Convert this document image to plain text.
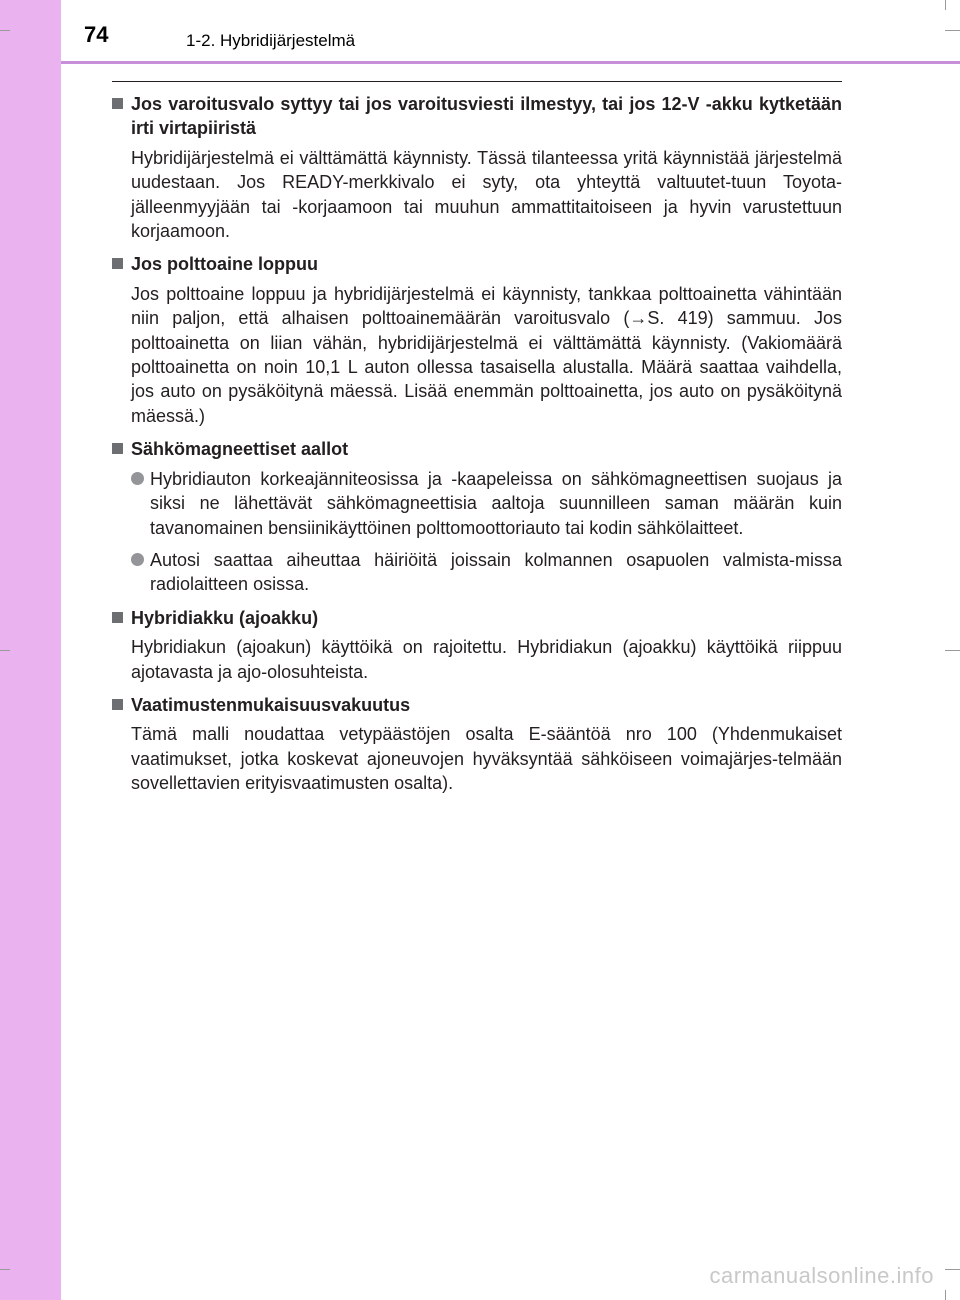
74	1-2. Hybridijärjestelmä
Jos varoitusvalo syttyy tai jos varoitusviesti ilmestyy, tai jos 12-V -akku kytketään irti virtapiiristä
Hybridijärjestelmä ei välttämättä käynnisty. Tässä tilanteessa yritä käynnistää järjestelmä uudestaan. Jos READY-merkkivalo ei syty, ota yhteyttä valtuutet-tuun Toyota-jälleenmyyjään tai -korjaamoon tai muuhun ammattitaitoiseen ja hyvin varustettuun korjaamoon.
Jos polttoaine loppuu
Jos polttoaine loppuu ja hybridijärjestelmä ei käynnisty, tankkaa polttoainetta vähintään niin paljon, että alhaisen polttoainemäärän varoitusvalo (→S. 419) sammuu. Jos polttoainetta on liian vähän, hybridijärjestelmä ei välttämättä käynnisty. (Vakiomäärä polttoainetta on noin 10,1 L auton ollessa tasaisella alustalla. Määrä saattaa vaihdella, jos auto on pysäköitynä mäessä. Lisää enemmän polttoainetta, jos auto on pysäköitynä mäessä.)
Sähkömagneettiset aallot
Hybridiauton korkeajänniteosissa ja -kaapeleissa on sähkömagneettisen suojaus ja siksi ne lähettävät sähkömagneettisia aaltoja suunnilleen saman määrän kuin tavanomainen bensiinikäyttöinen polttomoottoriauto tai kodin sähkölaitteet.
Autosi saattaa aiheuttaa häiriöitä joissain kolmannen osapuolen valmista-missa radiolaitteen osissa.
Hybridiakku (ajoakku)
Hybridiakun (ajoakun) käyttöikä on rajoitettu. Hybridiakun (ajoakku) käyttöikä riippuu ajotavasta ja ajo-olosuhteista.
Vaatimustenmukaisuusvakuutus
Tämä malli noudattaa vetypäästöjen osalta E-sääntöä nro 100 (Yhdenmukaiset vaatimukset, jotka koskevat ajoneuvojen hyväksyntää sähköiseen voimajärjes-telmään sovellettavien erityisvaatimusten osalta).
carmanualsonline.info
